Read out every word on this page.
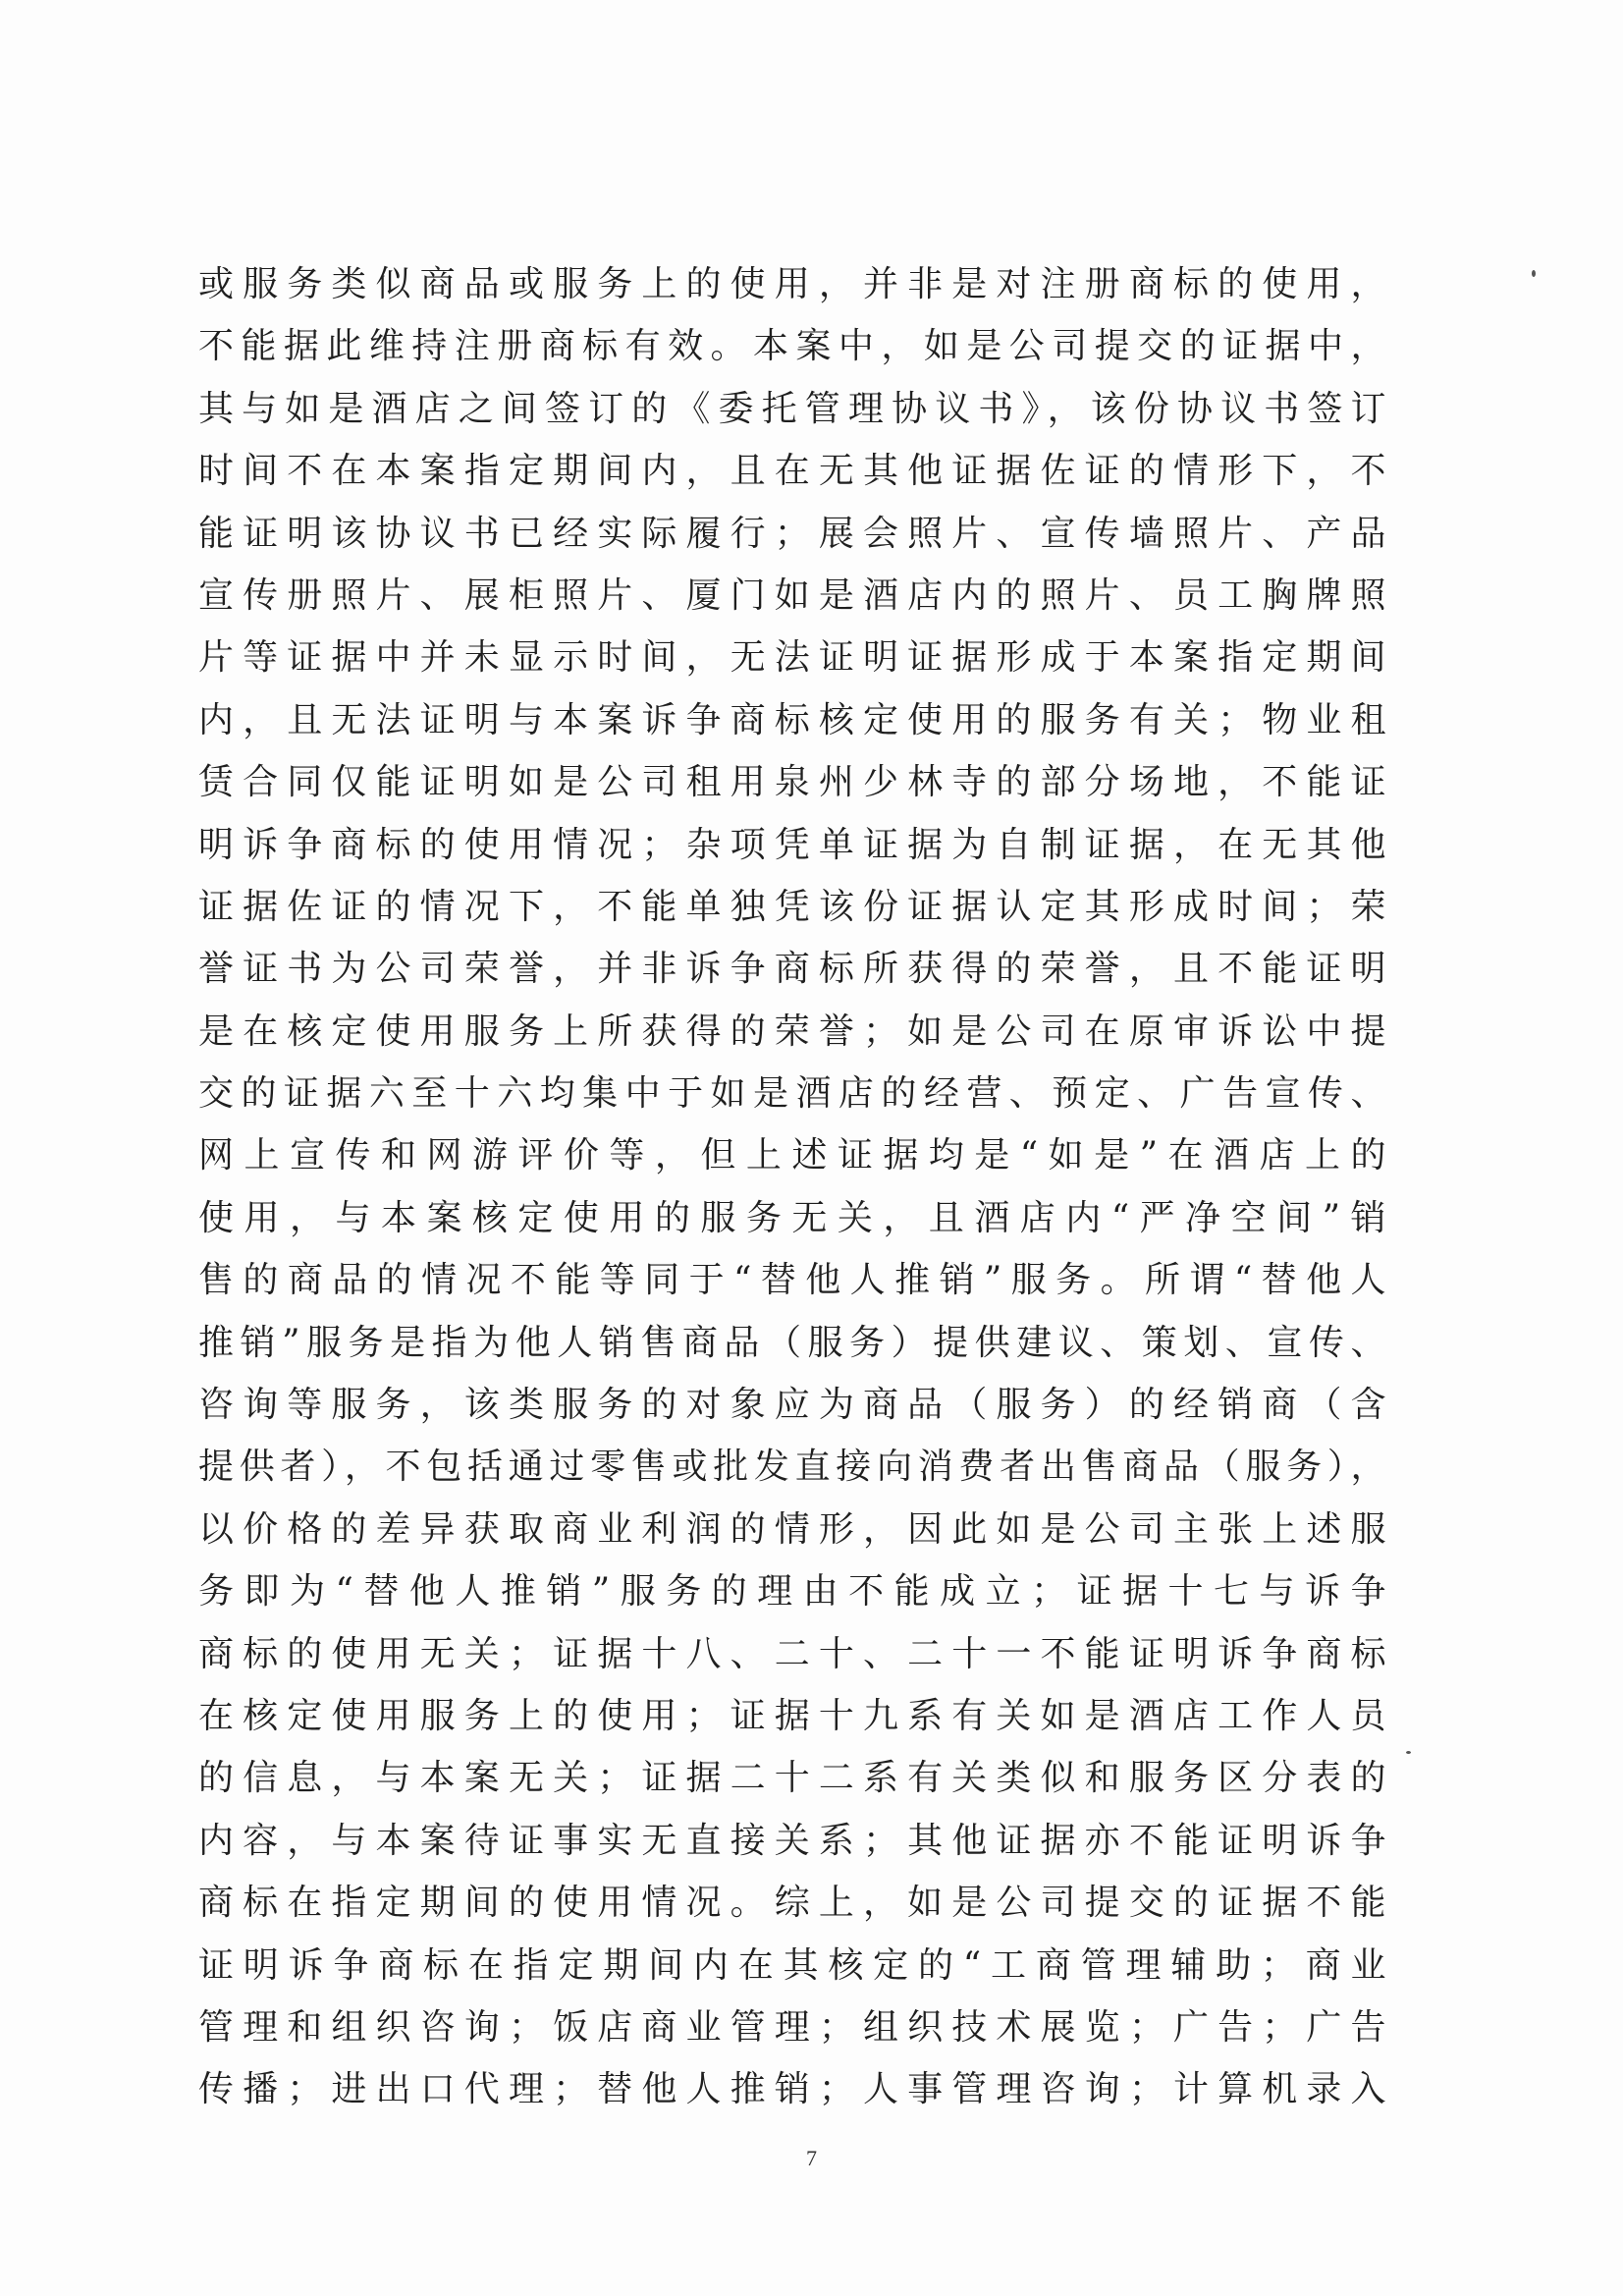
或服务类似商品或服务上的使用，并非是对注册商标的使用，
不能据此维持注册商标有效。本案中，如是公司提交的证据中，
其与如是酒店之间签订的《委托管理协议书》，该份协议书签订
时间不在本案指定期间内，且在无其他证据佐证的情形下，不
能证明该协议书已经实际履行；展会照片、宣传墙照片、产品
宣传册照片、展柜照片、厦门如是酒店内的照片、员工胸牌照
片等证据中并未显示时间，无法证明证据形成于本案指定期间
内，且无法证明与本案诉争商标核定使用的服务有关；物业租
赁合同仅能证明如是公司租用泉州少林寺的部分场地，不能证
明诉争商标的使用情况；杂项凭单证据为自制证据，在无其他
证据佐证的情况下，不能单独凭该份证据认定其形成时间；荣
誉证书为公司荣誉，并非诉争商标所获得的荣誉，且不能证明
是在核定使用服务上所获得的荣誉；如是公司在原审诉讼中提
交的证据六至十六均集中于如是酒店的经营、预定、广告宣传、
网上宣传和网游评价等，但上述证据均是“如是”在酒店上的
使用，与本案核定使用的服务无关，且酒店内“严净空间”销
售的商品的情况不能等同于“替他人推销”服务。所谓“替他人
推销”服务是指为他人销售商品（服务）提供建议、策划、宣传、
咨询等服务，该类服务的对象应为商品（服务）的经销商（含
提供者），不包括通过零售或批发直接向消费者出售商品（服务），
以价格的差异获取商业利润的情形，因此如是公司主张上述服
务即为“替他人推销”服务的理由不能成立；证据十七与诉争
商标的使用无关；证据十八、二十、二十一不能证明诉争商标
在核定使用服务上的使用；证据十九系有关如是酒店工作人员
的信息，与本案无关；证据二十二系有关类似和服务区分表的
内容，与本案待证事实无直接关系；其他证据亦不能证明诉争
商标在指定期间的使用情况。综上，如是公司提交的证据不能
证明诉争商标在指定期间内在其核定的“工商管理辅助；商业
管理和组织咨询；饭店商业管理；组织技术展览；广告；广告
传播；进出口代理；替他人推销；人事管理咨询；计算机录入
7
